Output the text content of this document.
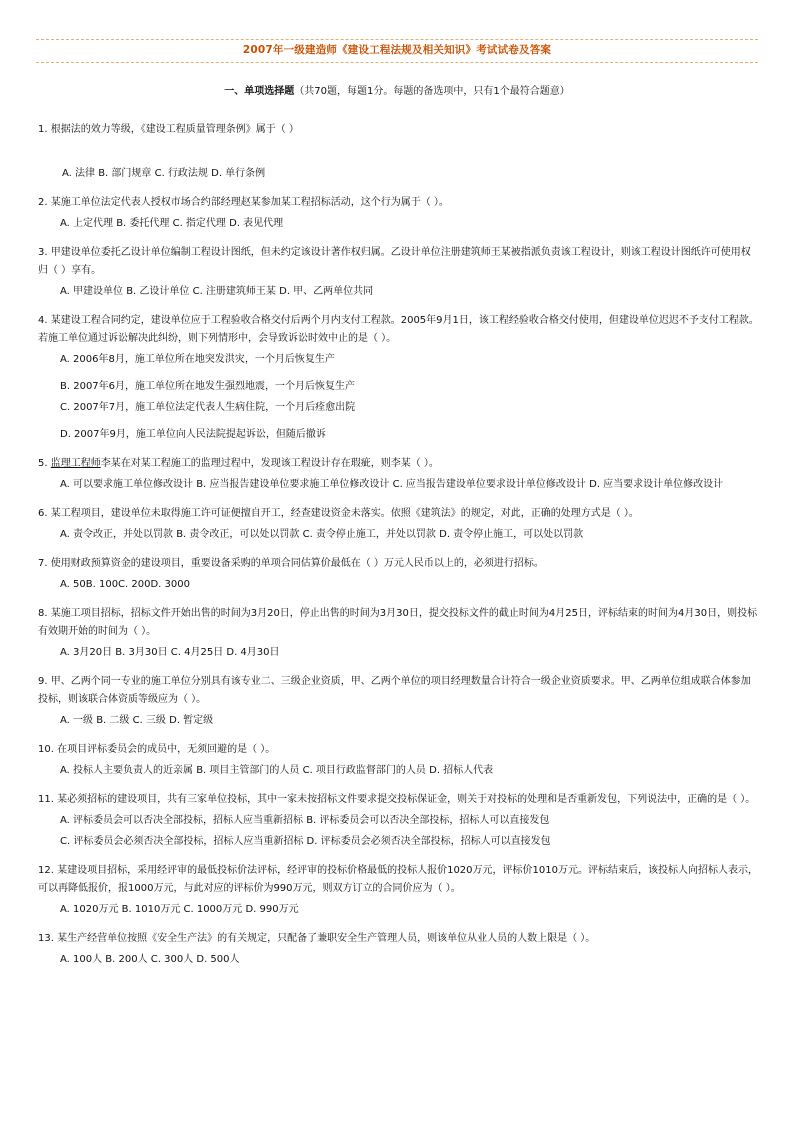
2007年一级建造师《建设工程法规及相关知识》考试试卷及答案
一、单项选择题（共70题，每题1分。每题的备选项中，只有1个最符合题意）
1. 根据法的效力等级，《建设工程质量管理条例》属于（ ）
A. 法律 B. 部门规章 C. 行政法规 D. 单行条例
2. 某施工单位法定代表人授权市场合约部经理赵某参加某工程招标活动，这个行为属于（ ）。
A. 上定代理 B. 委托代理 C. 指定代理 D. 表见代理
3. 甲建设单位委托乙设计单位编制工程设计图纸，但未约定该设计著作权归属。乙设计单位注册建筑师王某被指派负责该工程设计，则该工程设计图纸许可使用权归（ ）享有。
A. 甲建设单位 B. 乙设计单位 C. 注册建筑师王某 D. 甲、乙两单位共同
4. 某建设工程合同约定，建设单位应于工程验收合格交付后两个月内支付工程款。2005年9月1日，该工程经验收合格交付使用，但建设单位迟迟不予支付工程款。若施工单位通过诉讼解决此纠纷，则下列情形中，会导致诉讼时效中止的是（ ）。
A. 2006年8月，施工单位所在地突发洪灾，一个月后恢复生产
B. 2007年6月，施工单位所在地发生强烈地震，一个月后恢复生产
C. 2007年7月，施工单位法定代表人生病住院，一个月后痊愈出院
D. 2007年9月，施工单位向人民法院提起诉讼，但随后撤诉
5. 监理工程师李某在对某工程施工的监理过程中，发现该工程设计存在瑕疵，则李某（ ）。
A. 可以要求施工单位修改设计 B. 应当报告建设单位要求施工单位修改设计 C. 应当报告建设单位要求设计单位修改设计 D. 应当要求设计单位修改设计
6. 某工程项目，建设单位未取得施工许可证便擅自开工，经查建设资金未落实。依照《建筑法》的规定，对此，正确的处理方式是（ ）。
A. 责令改正，并处以罚款 B. 责令改正，可以处以罚款 C. 责令停止施工，并处以罚款 D. 责令停止施工，可以处以罚款
7. 使用财政预算资金的建设项目，重要设备采购的单项合同估算价最低在（ ）万元人民币以上的，必须进行招标。
A. 50B. 100C. 200D. 3000
8. 某施工项目招标，招标文件开始出售的时间为3月20日，停止出售的时间为3月30日，提交投标文件的截止时间为4月25日，评标结束的时间为4月30日，则投标有效期开始的时间为（ ）。
A. 3月20日 B. 3月30日 C. 4月25日 D. 4月30日
9. 甲、乙两个同一专业的施工单位分别具有该专业二、三级企业资质，甲、乙两个单位的项目经理数量合计符合一级企业资质要求。甲、乙两单位组成联合体参加投标，则该联合体资质等级应为（ ）。
A. 一级 B. 二级 C. 三级 D. 暂定级
10. 在项目评标委员会的成员中，无须回避的是（ ）。
A. 投标人主要负责人的近亲属 B. 项目主管部门的人员 C. 项目行政监督部门的人员 D. 招标人代表
11. 某必须招标的建设项目，共有三家单位投标，其中一家未按招标文件要求提交投标保证金，则关于对投标的处理和是否重新发包，下列说法中，正确的是（ ）。
A. 评标委员会可以否决全部投标，招标人应当重新招标 B. 评标委员会可以否决全部投标，招标人可以直接发包
C. 评标委员会必须否决全部投标，招标人应当重新招标 D. 评标委员会必须否决全部投标，招标人可以直接发包
12. 某建设项目招标，采用经评审的最低投标价法评标，经评审的投标价格最低的投标人报价1020万元，评标价1010万元。评标结束后，该投标人向招标人表示，可以再降低报价，报1000万元，与此对应的评标价为990万元，则双方订立的合同价应为（ ）。
A. 1020万元 B. 1010万元 C. 1000万元 D. 990万元
13. 某生产经营单位按照《安全生产法》的有关规定，只配备了兼职安全生产管理人员，则该单位从业人员的人数上限是（ ）。
A. 100人 B. 200人 C. 300人 D. 500人
